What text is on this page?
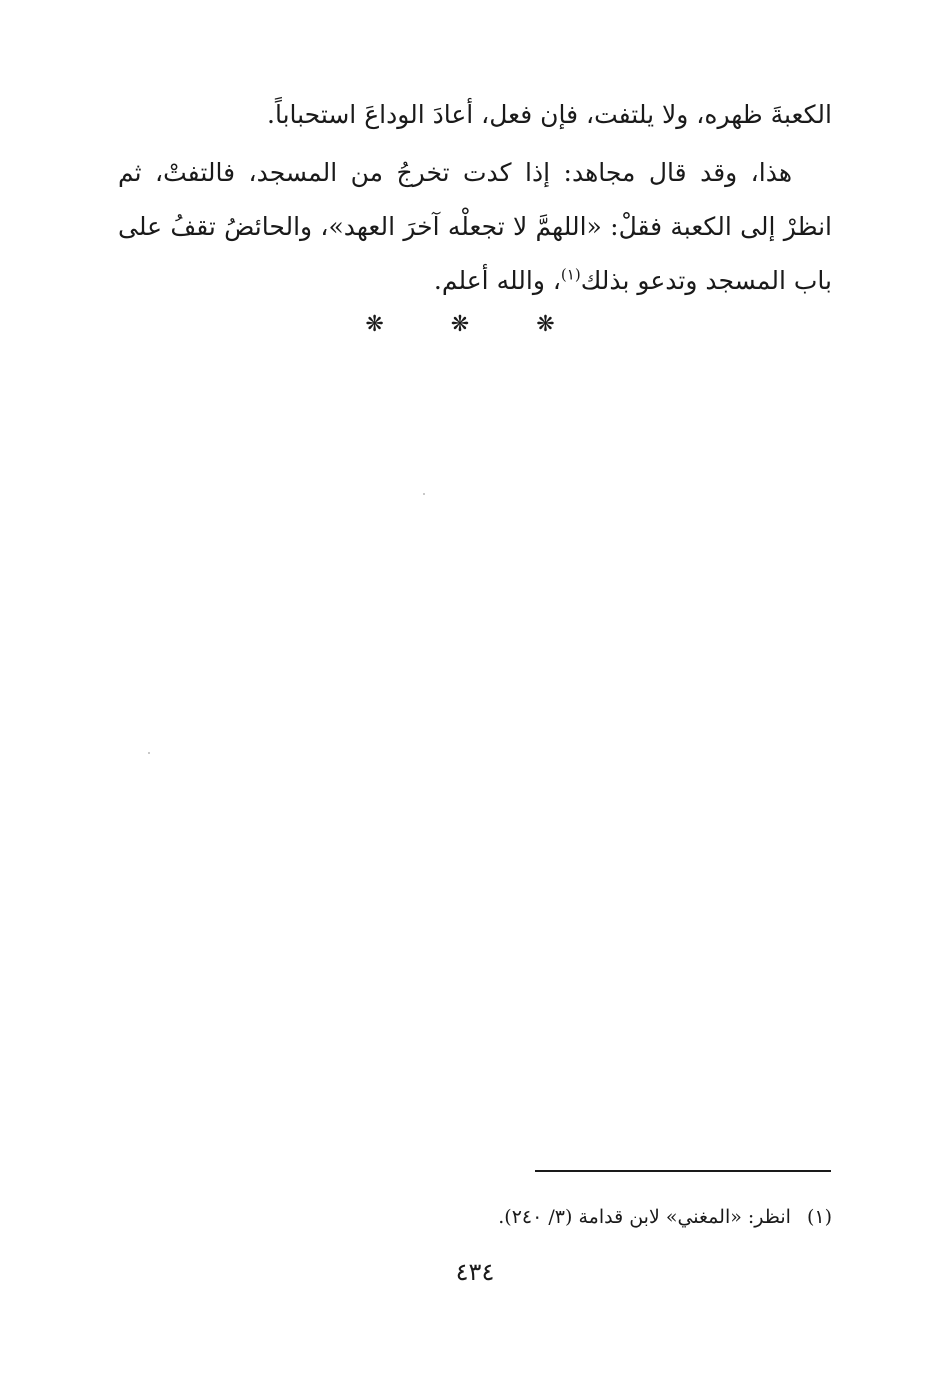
الكعبةَ ظهره، ولا يلتفت، فإن فعل، أعادَ الوداعَ استحباباً.

هذا، وقد قال مجاهد: إذا كدت تخرجُ من المسجد، فالتفتْ، ثم انظرْ إلى الكعبة فقلْ: «اللهمَّ لا تجعلْه آخرَ العهد»، والحائضُ تقفُ على باب المسجد وتدعو بذلك$^{(١)}$، والله أعلم.

❋ ❋ ❋
(١)انظر: «المغني» لابن قدامة (٣/ ٢٤٠).
٤٣٤
